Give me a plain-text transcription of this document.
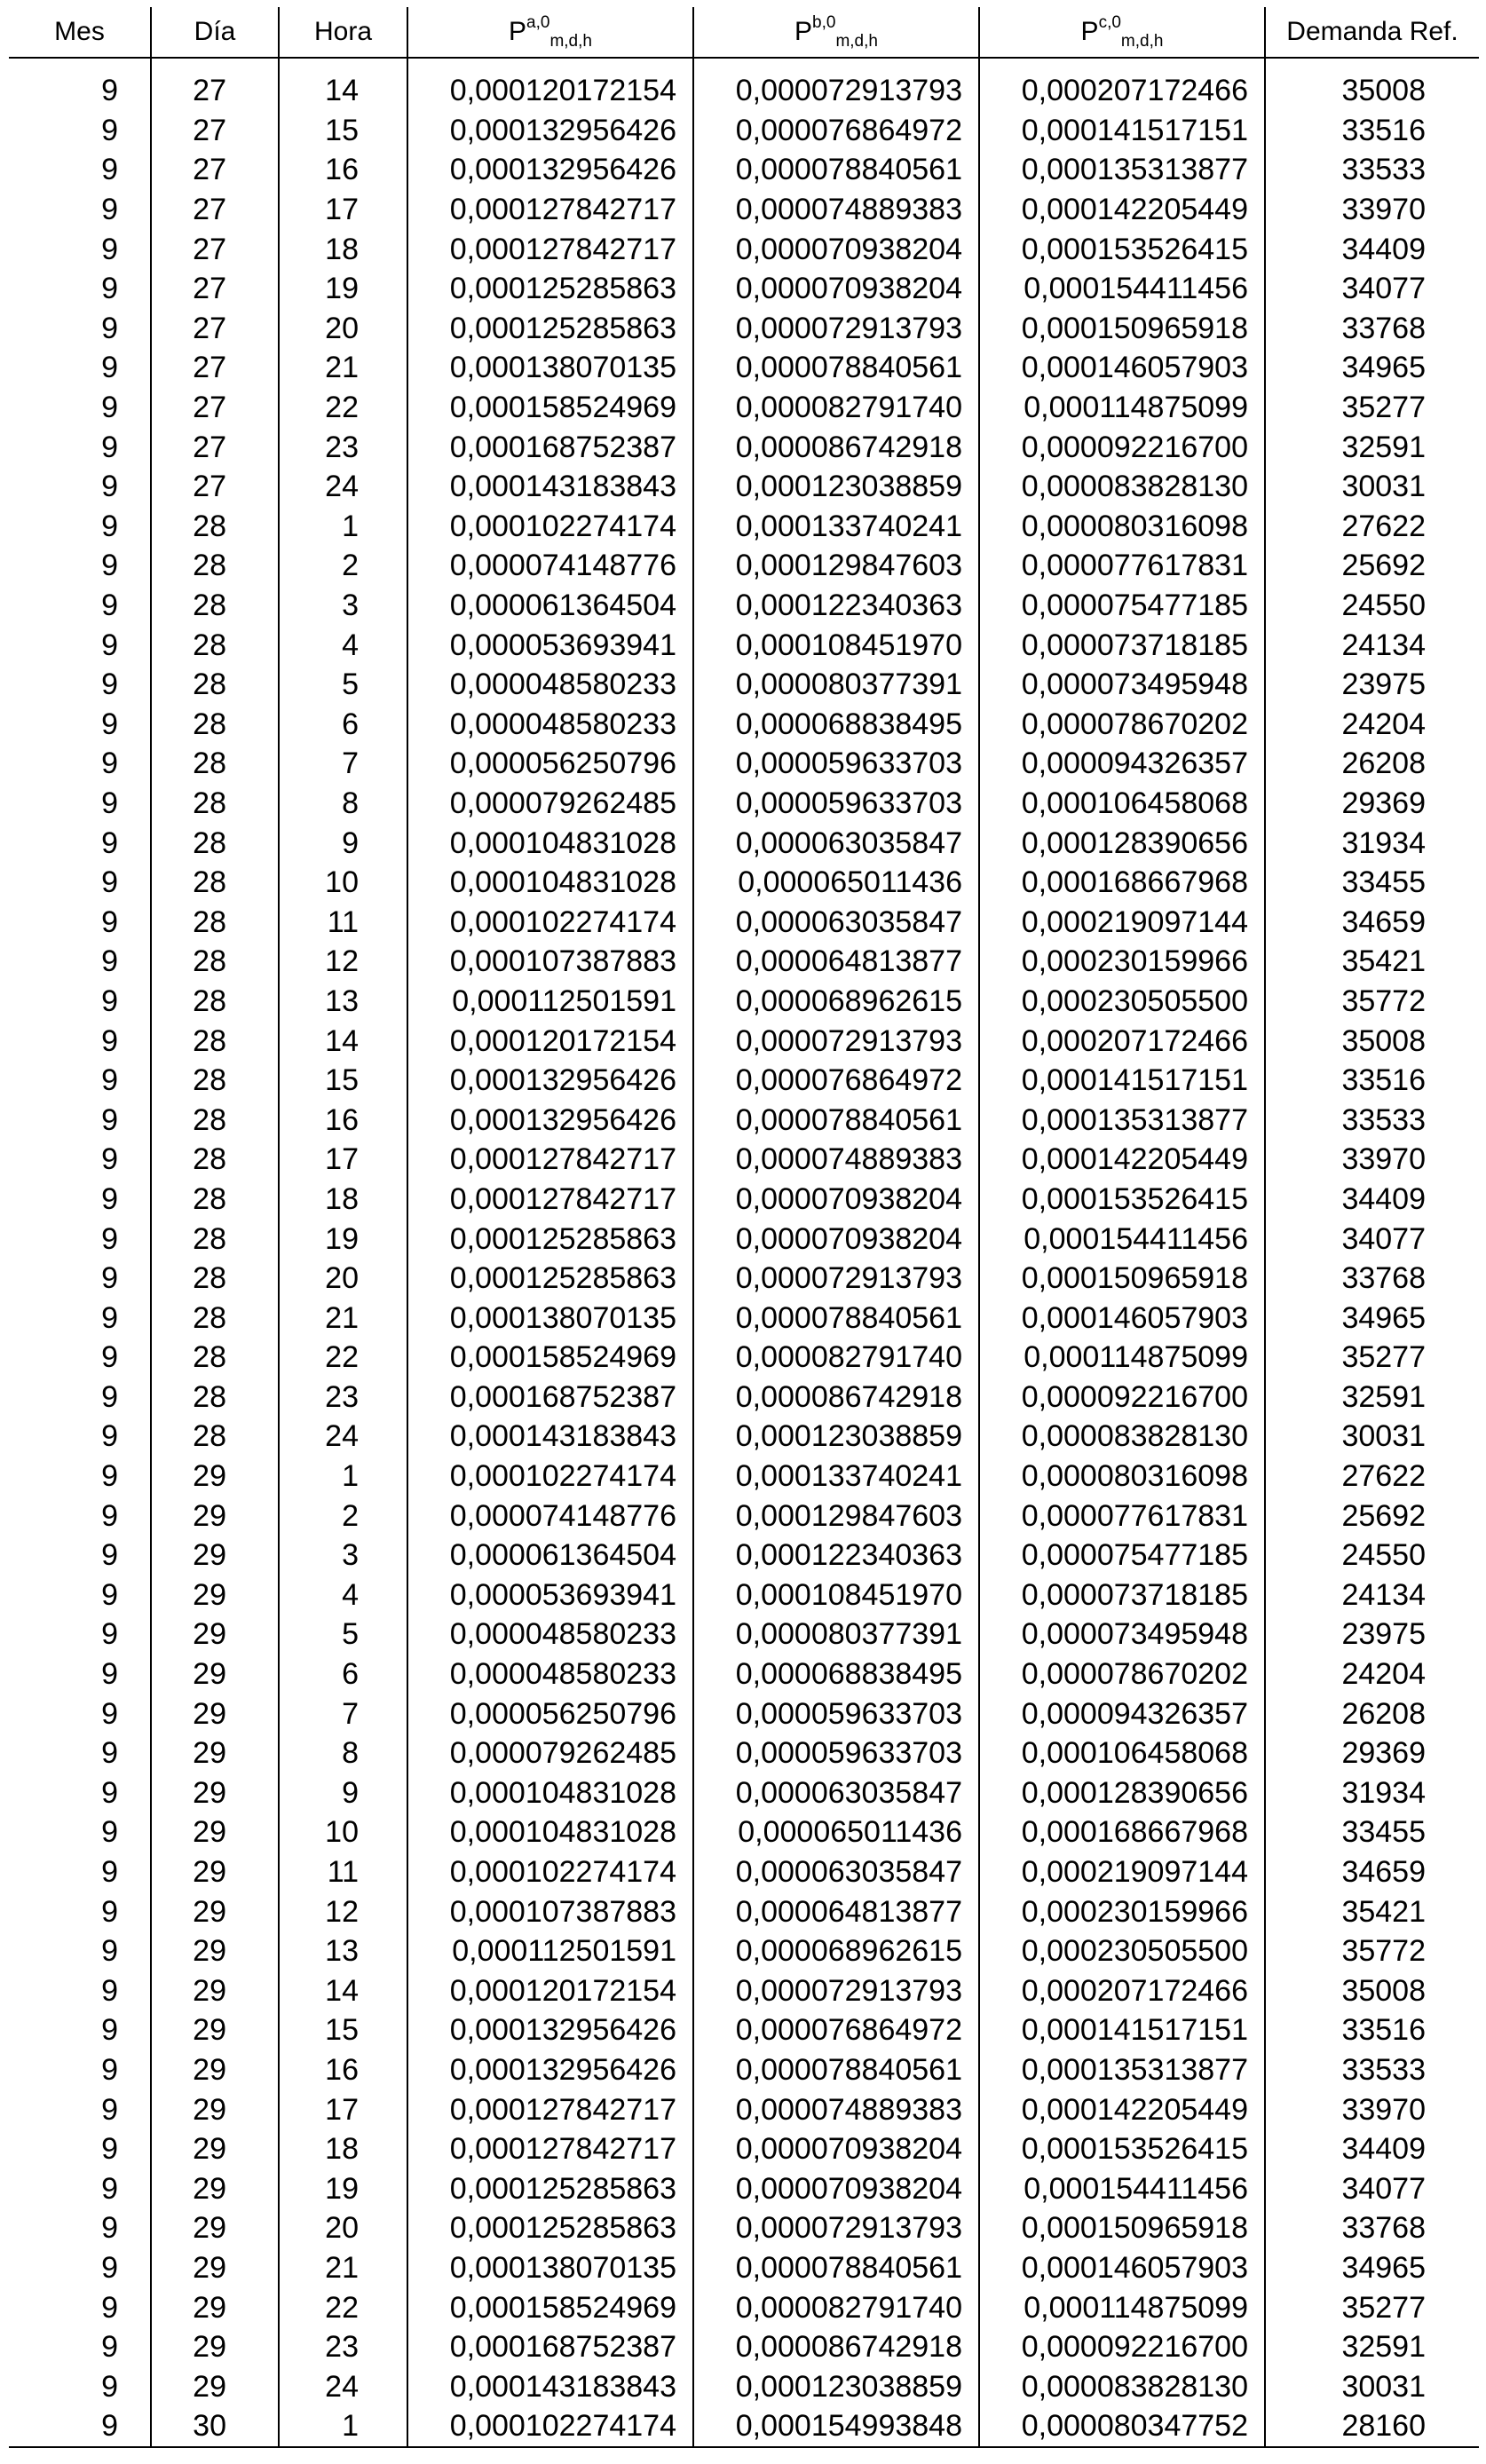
Mes	Día	Hora	P$^{a,0}_{m,d,h}$	P$^{b,0}_{m,d,h}$	P$^{c,0}_{m,d,h}$	Demanda Ref.
9	27	14	0,000120172154	0,000072913793	0,000207172466	35008
9	27	15	0,000132956426	0,000076864972	0,000141517151	33516
9	27	16	0,000132956426	0,000078840561	0,000135313877	33533
9	27	17	0,000127842717	0,000074889383	0,000142205449	33970
9	27	18	0,000127842717	0,000070938204	0,000153526415	34409
9	27	19	0,000125285863	0,000070938204	0,000154411456	34077
9	27	20	0,000125285863	0,000072913793	0,000150965918	33768
9	27	21	0,000138070135	0,000078840561	0,000146057903	34965
9	27	22	0,000158524969	0,000082791740	0,000114875099	35277
9	27	23	0,000168752387	0,000086742918	0,000092216700	32591
9	27	24	0,000143183843	0,000123038859	0,000083828130	30031
9	28	1	0,000102274174	0,000133740241	0,000080316098	27622
9	28	2	0,000074148776	0,000129847603	0,000077617831	25692
9	28	3	0,000061364504	0,000122340363	0,000075477185	24550
9	28	4	0,000053693941	0,000108451970	0,000073718185	24134
9	28	5	0,000048580233	0,000080377391	0,000073495948	23975
9	28	6	0,000048580233	0,000068838495	0,000078670202	24204
9	28	7	0,000056250796	0,000059633703	0,000094326357	26208
9	28	8	0,000079262485	0,000059633703	0,000106458068	29369
9	28	9	0,000104831028	0,000063035847	0,000128390656	31934
9	28	10	0,000104831028	0,000065011436	0,000168667968	33455
9	28	11	0,000102274174	0,000063035847	0,000219097144	34659
9	28	12	0,000107387883	0,000064813877	0,000230159966	35421
9	28	13	0,000112501591	0,000068962615	0,000230505500	35772
9	28	14	0,000120172154	0,000072913793	0,000207172466	35008
9	28	15	0,000132956426	0,000076864972	0,000141517151	33516
9	28	16	0,000132956426	0,000078840561	0,000135313877	33533
9	28	17	0,000127842717	0,000074889383	0,000142205449	33970
9	28	18	0,000127842717	0,000070938204	0,000153526415	34409
9	28	19	0,000125285863	0,000070938204	0,000154411456	34077
9	28	20	0,000125285863	0,000072913793	0,000150965918	33768
9	28	21	0,000138070135	0,000078840561	0,000146057903	34965
9	28	22	0,000158524969	0,000082791740	0,000114875099	35277
9	28	23	0,000168752387	0,000086742918	0,000092216700	32591
9	28	24	0,000143183843	0,000123038859	0,000083828130	30031
9	29	1	0,000102274174	0,000133740241	0,000080316098	27622
9	29	2	0,000074148776	0,000129847603	0,000077617831	25692
9	29	3	0,000061364504	0,000122340363	0,000075477185	24550
9	29	4	0,000053693941	0,000108451970	0,000073718185	24134
9	29	5	0,000048580233	0,000080377391	0,000073495948	23975
9	29	6	0,000048580233	0,000068838495	0,000078670202	24204
9	29	7	0,000056250796	0,000059633703	0,000094326357	26208
9	29	8	0,000079262485	0,000059633703	0,000106458068	29369
9	29	9	0,000104831028	0,000063035847	0,000128390656	31934
9	29	10	0,000104831028	0,000065011436	0,000168667968	33455
9	29	11	0,000102274174	0,000063035847	0,000219097144	34659
9	29	12	0,000107387883	0,000064813877	0,000230159966	35421
9	29	13	0,000112501591	0,000068962615	0,000230505500	35772
9	29	14	0,000120172154	0,000072913793	0,000207172466	35008
9	29	15	0,000132956426	0,000076864972	0,000141517151	33516
9	29	16	0,000132956426	0,000078840561	0,000135313877	33533
9	29	17	0,000127842717	0,000074889383	0,000142205449	33970
9	29	18	0,000127842717	0,000070938204	0,000153526415	34409
9	29	19	0,000125285863	0,000070938204	0,000154411456	34077
9	29	20	0,000125285863	0,000072913793	0,000150965918	33768
9	29	21	0,000138070135	0,000078840561	0,000146057903	34965
9	29	22	0,000158524969	0,000082791740	0,000114875099	35277
9	29	23	0,000168752387	0,000086742918	0,000092216700	32591
9	29	24	0,000143183843	0,000123038859	0,000083828130	30031
9	30	1	0,000102274174	0,000154993848	0,000080347752	28160
